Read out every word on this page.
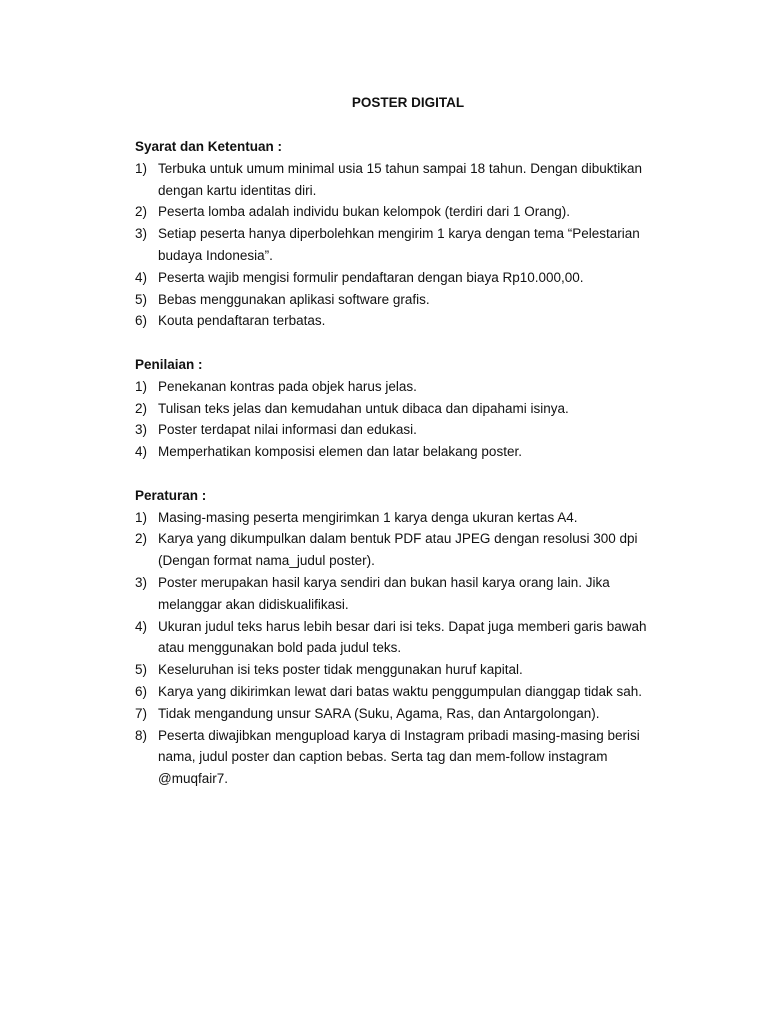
POSTER DIGITAL

Syarat dan Ketentuan :

1) Terbuka untuk umum minimal usia 15 tahun sampai 18 tahun. Dengan dibuktikan dengan kartu identitas diri.
2) Peserta lomba adalah individu bukan kelompok (terdiri dari 1 Orang).
3) Setiap peserta hanya diperbolehkan mengirim 1 karya dengan tema “Pelestarian budaya Indonesia”.
4) Peserta wajib mengisi formulir pendaftaran dengan biaya Rp10.000,00.
5) Bebas menggunakan aplikasi software grafis.
6) Kouta pendaftaran terbatas.

Penilaian :

1) Penekanan kontras pada objek harus jelas.
2) Tulisan teks jelas dan kemudahan untuk dibaca dan dipahami isinya.
3) Poster terdapat nilai informasi dan edukasi.
4) Memperhatikan komposisi elemen dan latar belakang poster.

Peraturan :

1) Masing-masing peserta mengirimkan 1 karya denga ukuran kertas A4.
2) Karya yang dikumpulkan dalam bentuk PDF atau JPEG dengan resolusi 300 dpi (Dengan format nama_judul poster).
3) Poster merupakan hasil karya sendiri dan bukan hasil karya orang lain. Jika melanggar akan didiskualifikasi.
4) Ukuran judul teks harus lebih besar dari isi teks. Dapat juga memberi garis bawah atau menggunakan bold pada judul teks.
5) Keseluruhan isi teks poster tidak menggunakan huruf kapital.
6) Karya yang dikirimkan lewat dari batas waktu penggumpulan dianggap tidak sah.
7) Tidak mengandung unsur SARA (Suku, Agama, Ras, dan Antargolongan).
8) Peserta diwajibkan mengupload karya di Instagram pribadi masing-masing berisi nama, judul poster dan caption bebas. Serta tag dan mem-follow instagram @muqfair7.
